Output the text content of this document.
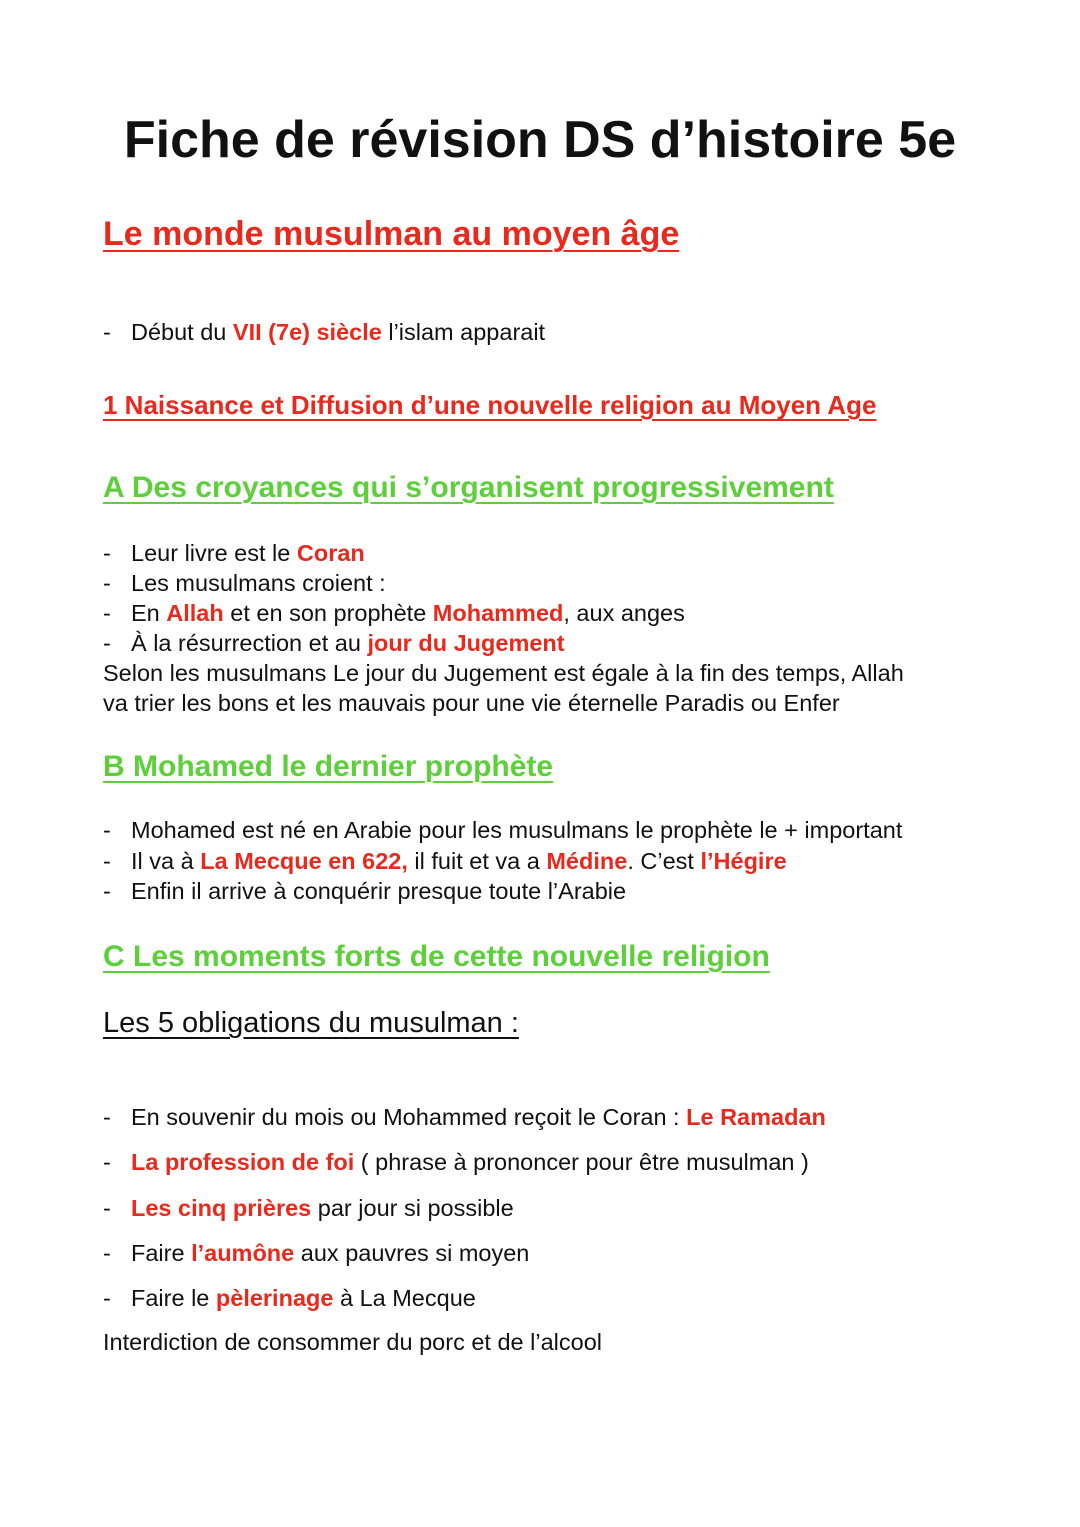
Fiche de révision DS d’histoire 5e
Le monde musulman au moyen âge
- Début du VII (7e) siècle l’islam apparait
1 Naissance et Diffusion d’une nouvelle religion au Moyen Age
A Des croyances qui s’organisent progressivement
- Leur livre est le Coran
- Les musulmans croient :
- En Allah et en son prophète Mohammed, aux anges
- À la résurrection et au jour du Jugement
Selon les musulmans Le jour du Jugement est égale à la fin des temps, Allah
va trier les bons et les mauvais pour une vie éternelle Paradis ou Enfer
B Mohamed le dernier prophète
- Mohamed est né en Arabie pour les musulmans le prophète le + important
- Il va à La Mecque en 622, il fuit et va a Médine. C’est l’Hégire
- Enfin il arrive à conquérir presque toute l’Arabie
C Les moments forts de cette nouvelle religion
Les 5 obligations du musulman :
- En souvenir du mois ou Mohammed reçoit le Coran : Le Ramadan
- La profession de foi ( phrase à prononcer pour être musulman )
- Les cinq prières par jour si possible
- Faire l’aumône aux pauvres si moyen
- Faire le pèlerinage à La Mecque
Interdiction de consommer du porc et de l’alcool
